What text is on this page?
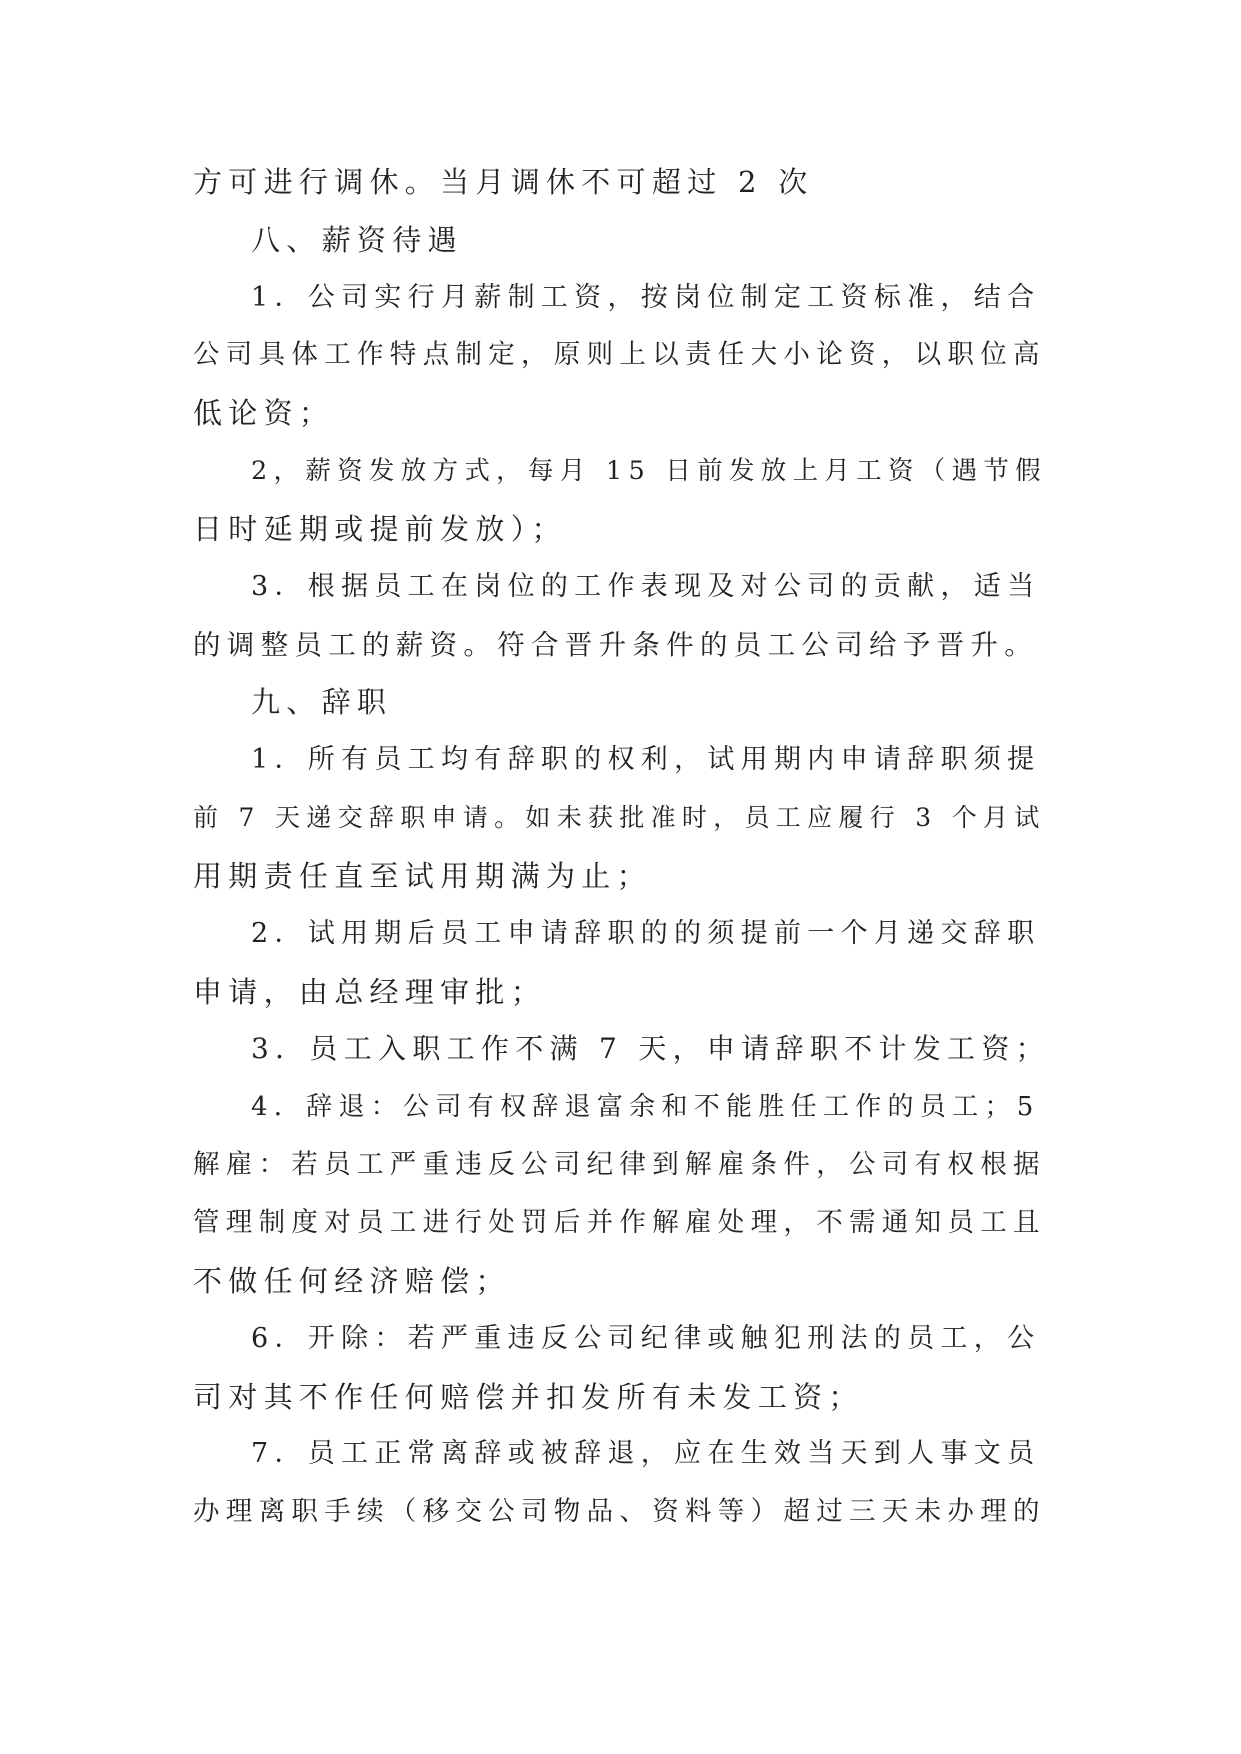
方可进行调休。当月调休不可超过 2 次
八、薪资待遇
1．公司实行月薪制工资，按岗位制定工资标准，结合
公司具体工作特点制定，原则上以责任大小论资，以职位高
低论资；
2，薪资发放方式，每月 15 日前发放上月工资（遇节假
日时延期或提前发放）；
3．根据员工在岗位的工作表现及对公司的贡献，适当
的调整员工的薪资。符合晋升条件的员工公司给予晋升。
九、辞职
1．所有员工均有辞职的权利，试用期内申请辞职须提
前 7 天递交辞职申请。如未获批准时，员工应履行 3 个月试
用期责任直至试用期满为止；
2．试用期后员工申请辞职的的须提前一个月递交辞职
申请，由总经理审批；
3．员工入职工作不满 7 天，申请辞职不计发工资；
4．辞退：公司有权辞退富余和不能胜任工作的员工；5
解雇：若员工严重违反公司纪律到解雇条件，公司有权根据
管理制度对员工进行处罚后并作解雇处理，不需通知员工且
不做任何经济赔偿；
6．开除：若严重违反公司纪律或触犯刑法的员工，公
司对其不作任何赔偿并扣发所有未发工资；
7．员工正常离辞或被辞退，应在生效当天到人事文员
办理离职手续（移交公司物品、资料等）超过三天未办理的
